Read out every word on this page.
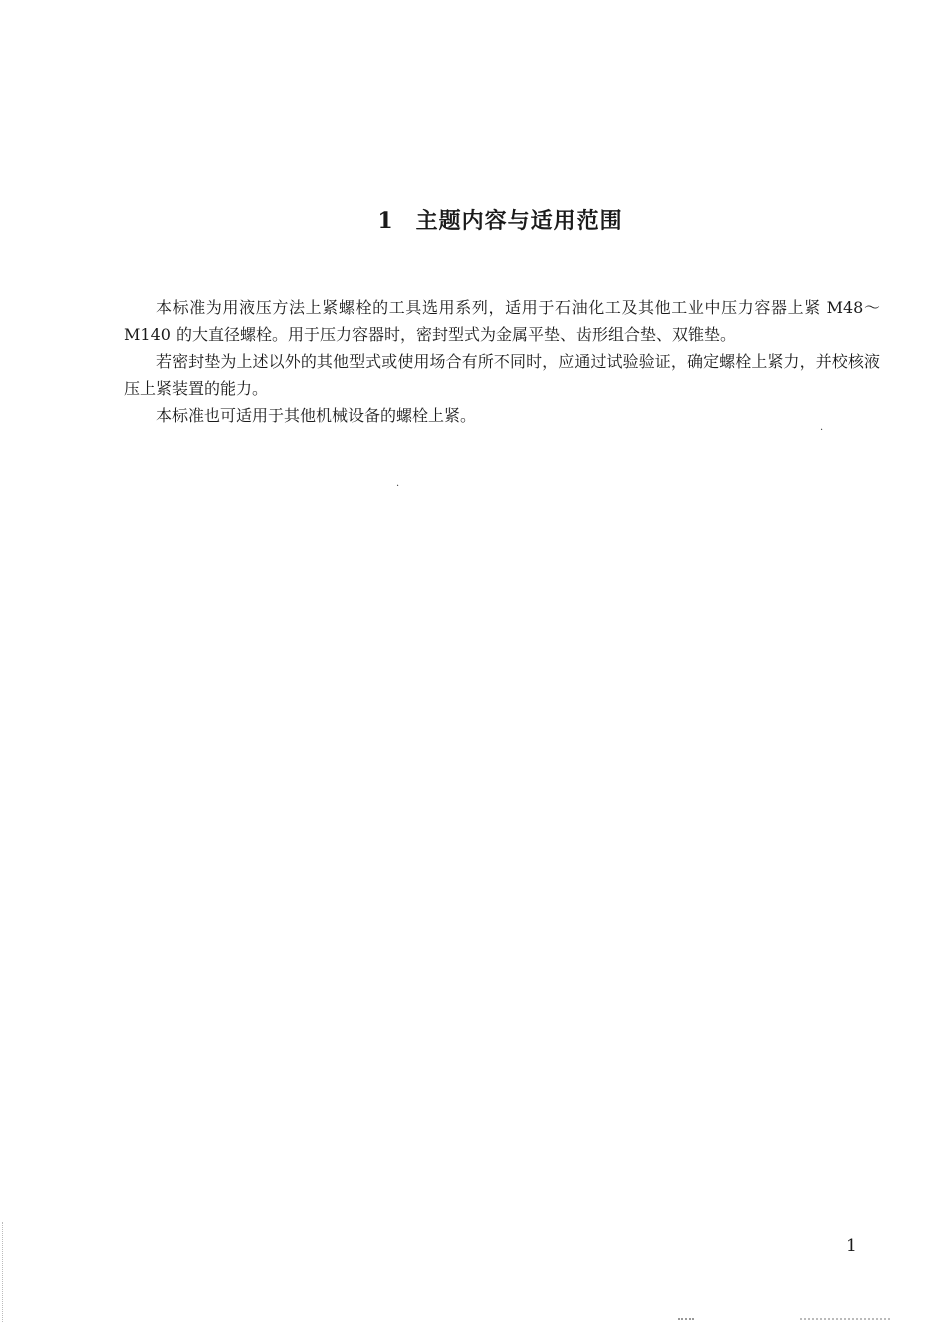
1 主题内容与适用范围

本标准为用液压方法上紧螺栓的工具选用系列，适用于石油化工及其他工业中压力容器上紧 M48～M140 的大直径螺栓。用于压力容器时，密封型式为金属平垫、齿形组合垫、双锥垫。

若密封垫为上述以外的其他型式或使用场合有所不同时，应通过试验验证，确定螺栓上紧力，并校核液压上紧装置的能力。

本标准也可适用于其他机械设备的螺栓上紧。

1
·
·
